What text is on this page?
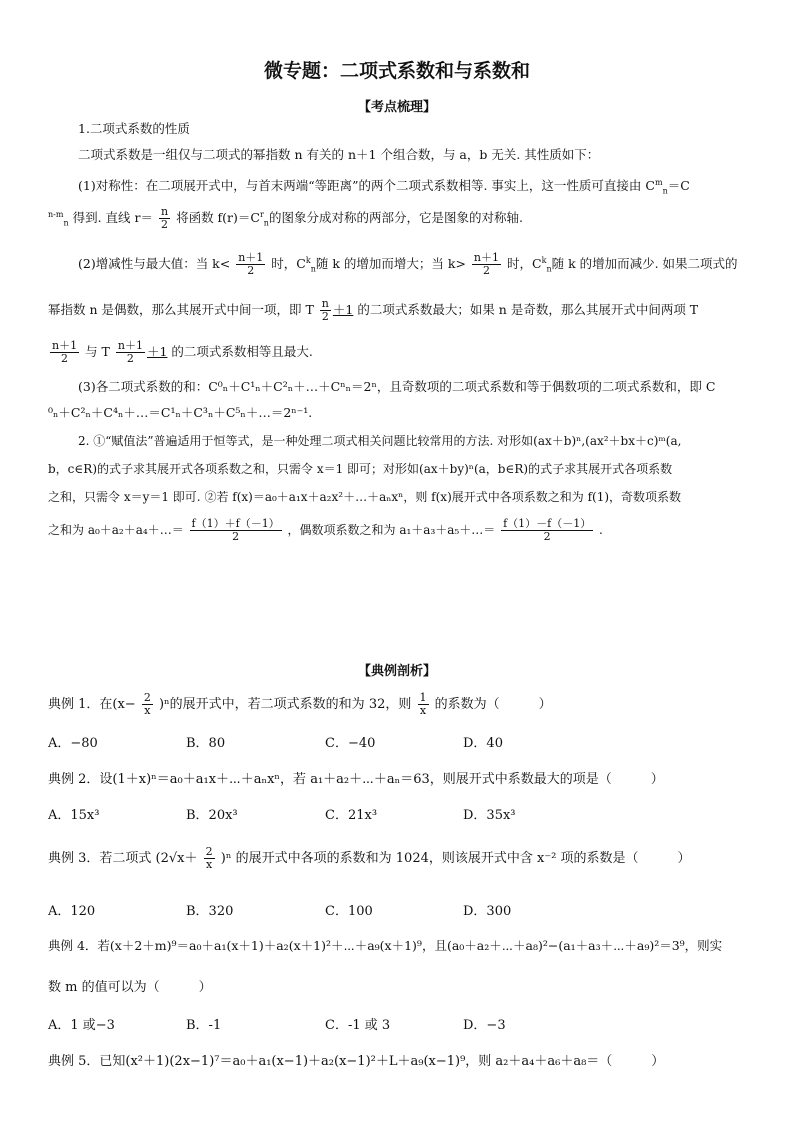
微专题：二项式系数和与系数和
【考点梳理】
1.二项式系数的性质
二项式系数是一组仅与二项式的幂指数 n 有关的 n＋1 个组合数，与 a，b 无关. 其性质如下：
(1)对称性：在二项展开式中，与首末两端“等距离”的两个二项式系数相等. 事实上，这一性质可直接由 $C^m_n=C$
$^{n-m}_n$ 得到. 直线 $r= \frac{n}{2}$ 将函数 $f(r)=C^r_n$的图象分成对称的两部分，它是图象的对称轴.
(2)增减性与最大值：当 $k< \frac{n+1}{2}$ 时，$C^k_n$随 k 的增加而增大；当 $k> \frac{n+1}{2}$ 时，$C^k_n$随 k 的增加而减少. 如果二项式的
幂指数 n 是偶数，那么其展开式中间一项，即 T $\frac{n}{2} +1$ 的二项式系数最大；如果 n 是奇数，那么其展开式中间两项 T
$\frac{n+1}{2}$ 与 T $\frac{n+1}{2} +1$ 的二项式系数相等且最大.
(3)各二项式系数的和：C⁰ₙ＋C¹ₙ＋C²ₙ＋…＋Cⁿₙ＝2ⁿ，且奇数项的二项式系数和等于偶数项的二项式系数和，即 C
⁰ₙ＋C²ₙ＋C⁴ₙ＋…＝C¹ₙ＋C³ₙ＋C⁵ₙ＋…＝2ⁿ⁻¹.
2. ①“赋值法”普遍适用于恒等式，是一种处理二项式相关问题比较常用的方法. 对形如(ax＋b)ⁿ,(ax²＋bx＋c)ᵐ(a,
b，c∈R)的式子求其展开式各项系数之和，只需令 x＝1 即可；对形如(ax＋by)ⁿ(a，b∈R)的式子求其展开式各项系数
之和，只需令 x＝y＝1 即可. ②若 f(x)＝a₀＋a₁x＋a₂x²＋…＋aₙxⁿ，则 f(x)展开式中各项系数之和为 f(1)，奇数项系数
之和为 a₀＋a₂＋a₄＋…＝ $\frac{f(1)+f(-1)}{2}$ ，偶数项系数之和为 a₁＋a₃＋a₅＋…＝ $\frac{f(1)-f(-1)}{2}$ .
【典例剖析】
典例 1．在$(x- \frac{2}{x} )^n$的展开式中，若二项式系数的和为 32，则 $\frac{1}{x}$ 的系数为（　　　）
A．−80	B．80	C．−40	D．40
典例 2．设(1＋x)ⁿ＝a₀＋a₁x＋⋯＋aₙxⁿ，若 a₁＋a₂＋⋯＋aₙ＝63，则展开式中系数最大的项是（　　　）
A．15x³	B．20x³	C．21x³	D．35x³
典例 3．若二项式 $(2√x+ \frac{2}{x} )^n$ 的展开式中各项的系数和为 1024，则该展开式中含 x⁻² 项的系数是（　　　）
A．120	B．320	C．100	D．300
典例 4．若(x＋2＋m)⁹＝a₀＋a₁(x＋1)＋a₂(x＋1)²＋⋯＋a₉(x＋1)⁹，且(a₀＋a₂＋⋯＋a₈)²−(a₁＋a₃＋⋯＋a₉)²＝3⁹，则实
数 m 的值可以为（　　　）
A．1 或−3	B．-1	C．-1 或 3	D．−3
典例 5．已知(x²＋1)(2x−1)⁷＝a₀＋a₁(x−1)＋a₂(x−1)²＋L＋a₉(x−1)⁹，则 a₂＋a₄＋a₆＋a₈＝（　　　）
